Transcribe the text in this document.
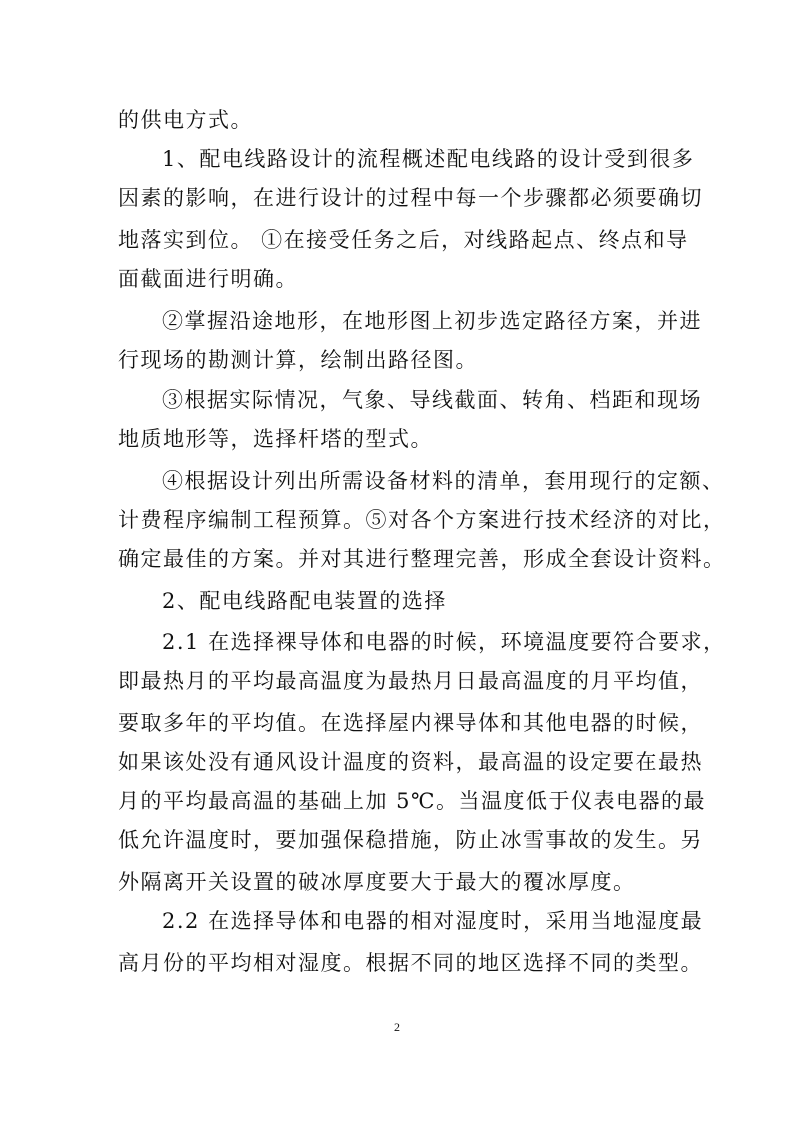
的供电方式。
1、配电线路设计的流程概述配电线路的设计受到很多
因素的影响，在进行设计的过程中每一个步骤都必须要确切
地落实到位。 ①在接受任务之后，对线路起点、终点和导
面截面进行明确。
②掌握沿途地形，在地形图上初步选定路径方案，并进
行现场的勘测计算，绘制出路径图。
③根据实际情况，气象、导线截面、转角、档距和现场
地质地形等，选择杆塔的型式。
④根据设计列出所需设备材料的清单，套用现行的定额、
计费程序编制工程预算。⑤对各个方案进行技术经济的对比，
确定最佳的方案。并对其进行整理完善，形成全套设计资料。
2、配电线路配电装置的选择
2.1 在选择裸导体和电器的时候，环境温度要符合要求，
即最热月的平均最高温度为最热月日最高温度的月平均值，
要取多年的平均值。在选择屋内裸导体和其他电器的时候，
如果该处没有通风设计温度的资料，最高温的设定要在最热
月的平均最高温的基础上加 5℃。当温度低于仪表电器的最
低允许温度时，要加强保稳措施，防止冰雪事故的发生。另
外隔离开关设置的破冰厚度要大于最大的覆冰厚度。
2.2 在选择导体和电器的相对湿度时，采用当地湿度最
高月份的平均相对湿度。根据不同的地区选择不同的类型。
2
